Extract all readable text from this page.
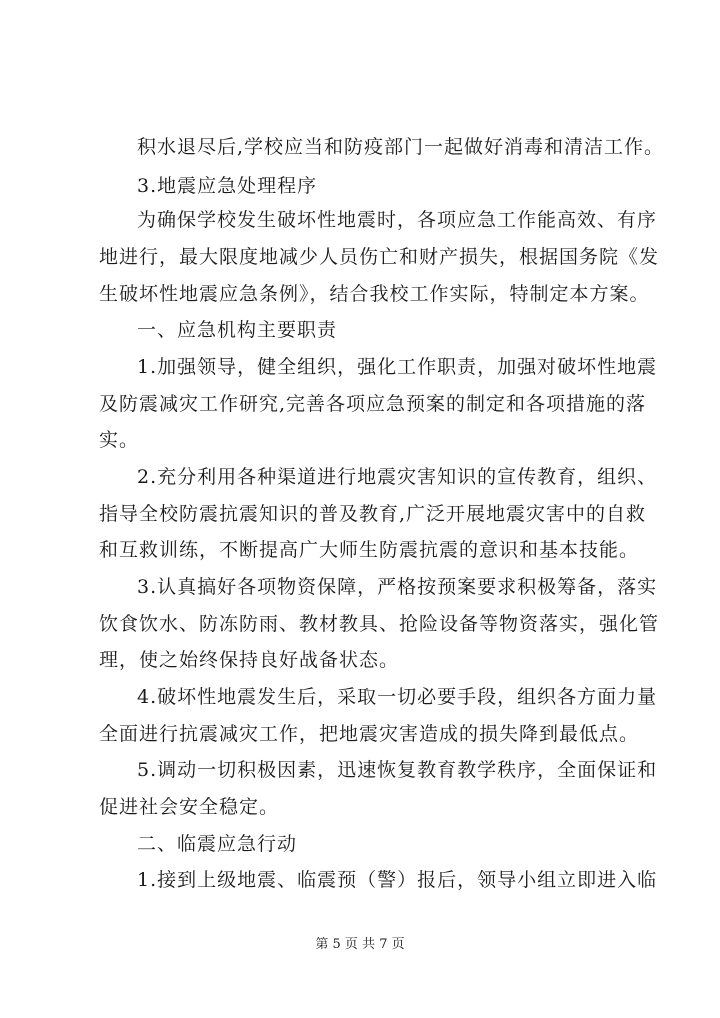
积水退尽后,学校应当和防疫部门一起做好消毒和清洁工作。
3.地震应急处理程序
为确保学校发生破坏性地震时，各项应急工作能高效、有序
地进行，最大限度地减少人员伤亡和财产损失，根据国务院《发
生破坏性地震应急条例》，结合我校工作实际，特制定本方案。
一、应急机构主要职责
1.加强领导，健全组织，强化工作职责，加强对破坏性地震
及防震减灾工作研究,完善各项应急预案的制定和各项措施的落
实。
2.充分利用各种渠道进行地震灾害知识的宣传教育，组织、
指导全校防震抗震知识的普及教育,广泛开展地震灾害中的自救
和互救训练，不断提高广大师生防震抗震的意识和基本技能。
3.认真搞好各项物资保障，严格按预案要求积极筹备，落实
饮食饮水、防冻防雨、教材教具、抢险设备等物资落实，强化管
理，使之始终保持良好战备状态。
4.破坏性地震发生后，采取一切必要手段，组织各方面力量
全面进行抗震减灾工作，把地震灾害造成的损失降到最低点。
5.调动一切积极因素，迅速恢复教育教学秩序，全面保证和
促进社会安全稳定。
二、临震应急行动
1.接到上级地震、临震预（警）报后，领导小组立即进入临
第 5 页 共 7 页
